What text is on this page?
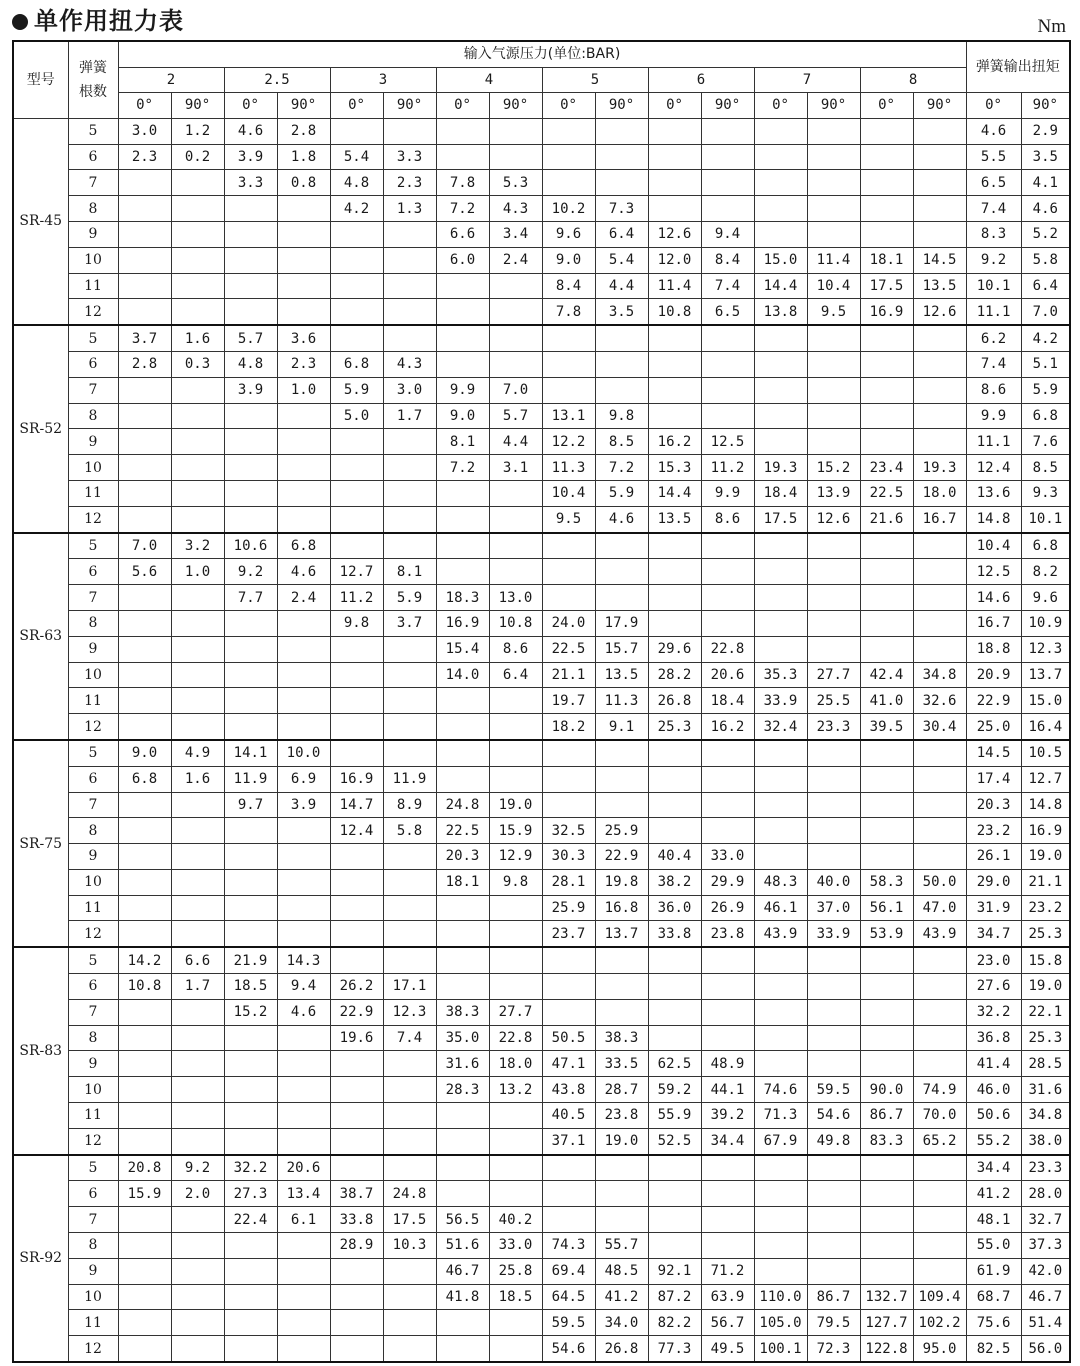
单作用扭力表	Nm
型号	弹簧
根数	输入气源压力(单位:BAR)																弹簧输出扭矩	
		2		2.5		3		4		5		6		7		8			
		0°	90°	0°	90°	0°	90°	0°	90°	0°	90°	0°	90°	0°	90°	0°	90°	0°	90°
SR-45	5	3.0	1.2	4.6	2.8													4.6	2.9
	6	2.3	0.2	3.9	1.8	5.4	3.3											5.5	3.5
	7			3.3	0.8	4.8	2.3	7.8	5.3									6.5	4.1
	8					4.2	1.3	7.2	4.3	10.2	7.3							7.4	4.6
	9							6.6	3.4	9.6	6.4	12.6	9.4					8.3	5.2
	10							6.0	2.4	9.0	5.4	12.0	8.4	15.0	11.4	18.1	14.5	9.2	5.8
	11									8.4	4.4	11.4	7.4	14.4	10.4	17.5	13.5	10.1	6.4
	12									7.8	3.5	10.8	6.5	13.8	9.5	16.9	12.6	11.1	7.0
SR-52	5	3.7	1.6	5.7	3.6													6.2	4.2
	6	2.8	0.3	4.8	2.3	6.8	4.3											7.4	5.1
	7			3.9	1.0	5.9	3.0	9.9	7.0									8.6	5.9
	8					5.0	1.7	9.0	5.7	13.1	9.8							9.9	6.8
	9							8.1	4.4	12.2	8.5	16.2	12.5					11.1	7.6
	10							7.2	3.1	11.3	7.2	15.3	11.2	19.3	15.2	23.4	19.3	12.4	8.5
	11									10.4	5.9	14.4	9.9	18.4	13.9	22.5	18.0	13.6	9.3
	12									9.5	4.6	13.5	8.6	17.5	12.6	21.6	16.7	14.8	10.1
SR-63	5	7.0	3.2	10.6	6.8													10.4	6.8
	6	5.6	1.0	9.2	4.6	12.7	8.1											12.5	8.2
	7			7.7	2.4	11.2	5.9	18.3	13.0									14.6	9.6
	8					9.8	3.7	16.9	10.8	24.0	17.9							16.7	10.9
	9							15.4	8.6	22.5	15.7	29.6	22.8					18.8	12.3
	10							14.0	6.4	21.1	13.5	28.2	20.6	35.3	27.7	42.4	34.8	20.9	13.7
	11									19.7	11.3	26.8	18.4	33.9	25.5	41.0	32.6	22.9	15.0
	12									18.2	9.1	25.3	16.2	32.4	23.3	39.5	30.4	25.0	16.4
SR-75	5	9.0	4.9	14.1	10.0													14.5	10.5
	6	6.8	1.6	11.9	6.9	16.9	11.9											17.4	12.7
	7			9.7	3.9	14.7	8.9	24.8	19.0									20.3	14.8
	8					12.4	5.8	22.5	15.9	32.5	25.9							23.2	16.9
	9							20.3	12.9	30.3	22.9	40.4	33.0					26.1	19.0
	10							18.1	9.8	28.1	19.8	38.2	29.9	48.3	40.0	58.3	50.0	29.0	21.1
	11									25.9	16.8	36.0	26.9	46.1	37.0	56.1	47.0	31.9	23.2
	12									23.7	13.7	33.8	23.8	43.9	33.9	53.9	43.9	34.7	25.3
SR-83	5	14.2	6.6	21.9	14.3													23.0	15.8
	6	10.8	1.7	18.5	9.4	26.2	17.1											27.6	19.0
	7			15.2	4.6	22.9	12.3	38.3	27.7									32.2	22.1
	8					19.6	7.4	35.0	22.8	50.5	38.3							36.8	25.3
	9							31.6	18.0	47.1	33.5	62.5	48.9					41.4	28.5
	10							28.3	13.2	43.8	28.7	59.2	44.1	74.6	59.5	90.0	74.9	46.0	31.6
	11									40.5	23.8	55.9	39.2	71.3	54.6	86.7	70.0	50.6	34.8
	12									37.1	19.0	52.5	34.4	67.9	49.8	83.3	65.2	55.2	38.0
SR-92	5	20.8	9.2	32.2	20.6													34.4	23.3
	6	15.9	2.0	27.3	13.4	38.7	24.8											41.2	28.0
	7			22.4	6.1	33.8	17.5	56.5	40.2									48.1	32.7
	8					28.9	10.3	51.6	33.0	74.3	55.7							55.0	37.3
	9							46.7	25.8	69.4	48.5	92.1	71.2					61.9	42.0
	10							41.8	18.5	64.5	41.2	87.2	63.9	110.0	86.7	132.7	109.4	68.7	46.7
	11									59.5	34.0	82.2	56.7	105.0	79.5	127.7	102.2	75.6	51.4
	12									54.6	26.8	77.3	49.5	100.1	72.3	122.8	95.0	82.5	56.0
